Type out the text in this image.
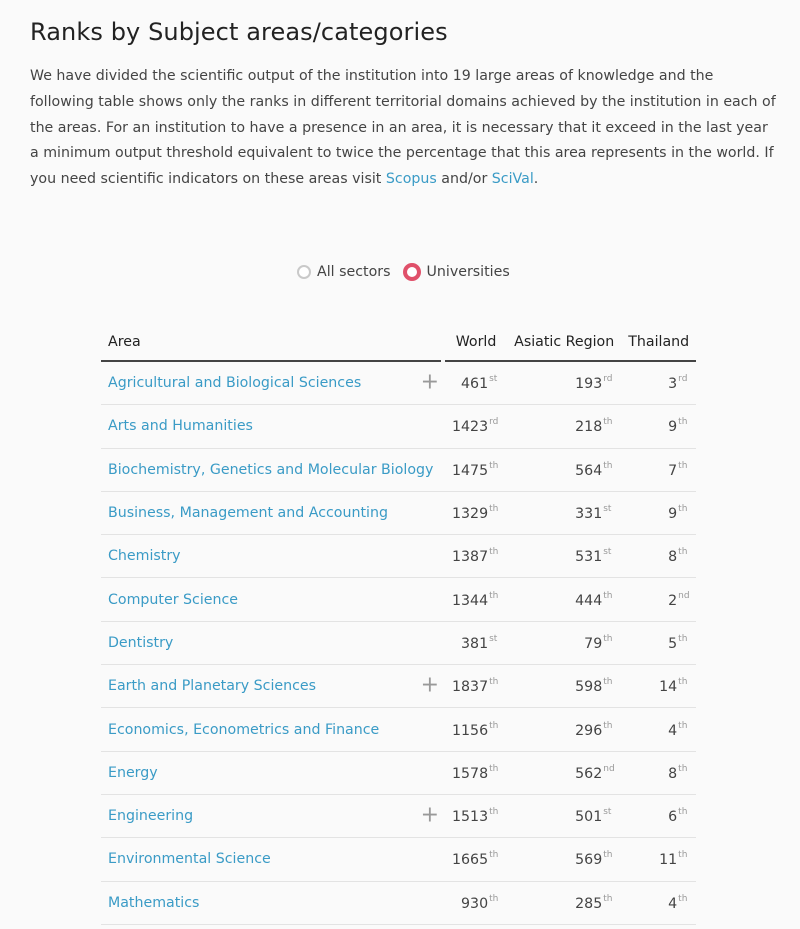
Ranks by Subject areas/categories
We have divided the scientific output of the institution into 19 large areas of knowledge and the following table shows only the ranks in different territorial domains achieved by the institution in each of the areas. For an institution to have a presence in an area, it is necessary that it exceed in the last year a minimum output threshold equivalent to twice the percentage that this area represents in the world. If you need scientific indicators on these areas visit Scopus and/or SciVal.
All sectors	Universities
Area		World	Asiatic Region	Thailand
Agricultural and Biological Sciences +		461st	193rd	3rd
Arts and Humanities		1423rd	218th	9th
Biochemistry, Genetics and Molecular Biology		1475th	564th	7th
Business, Management and Accounting		1329th	331st	9th
Chemistry		1387th	531st	8th
Computer Science		1344th	444th	2nd
Dentistry		381st	79th	5th
Earth and Planetary Sciences +		1837th	598th	14th
Economics, Econometrics and Finance		1156th	296th	4th
Energy		1578th	562nd	8th
Engineering +		1513th	501st	6th
Environmental Science		1665th	569th	11th
Mathematics		930th	285th	4th
